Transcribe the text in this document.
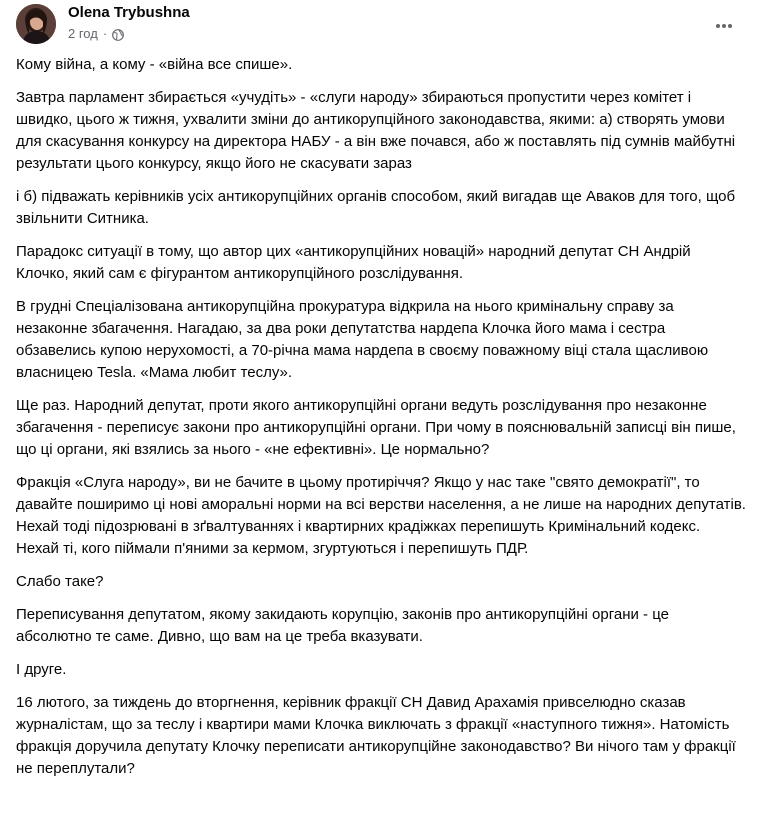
Olena Trybushna
2 год ·

Кому війна, а кому - «війна все спише».

Завтра парламент збирається «учудіть» - «слуги народу» збираються пропустити через комітет і швидко, цього ж тижня, ухвалити зміни до антикорупційного законодавства, якими: а) створять умови для скасування конкурсу на директора НАБУ - а він вже почався, або ж поставлять під сумнів майбутні результати цього конкурсу, якщо його не скасувати зараз

і б) підважать керівників усіх антикорупційних органів способом, який вигадав ще Аваков для того, щоб звільнити Ситника.

Парадокс ситуації в тому, що автор цих «антикорупційних новацій» народний депутат СН Андрій Клочко, який сам є фігурантом антикорупційного розслідування.

В грудні Спеціалізована антикорупційна прокуратура відкрила на нього кримінальну справу за незаконне збагачення. Нагадаю, за два роки депутатства нардепа Клочка його мама і сестра обзавелись купою нерухомості, а 70-річна мама нардепа в своєму поважному віці стала щасливою власницею Tesla. «Мама любит теслу».

Ще раз. Народний депутат, проти якого антикорупційні органи ведуть розслідування про незаконне збагачення - переписує закони про антикорупційні органи. При чому в пояснювальній записці він пише, що ці органи, які взялись за нього - «не ефективні». Це нормально?

Фракція «Слуга народу», ви не бачите в цьому протиріччя? Якщо у нас таке "свято демократії", то давайте поширимо ці нові аморальні норми на всі верстви населення, а не лише на народних депутатів. Нехай тоді підозрювані в зґвалтуваннях і квартирних крадіжках перепишуть Кримінальний кодекс. Нехай ті, кого піймали п'яними за кермом, згуртуються і перепишуть ПДР.

Слабо таке?

Переписування депутатом, якому закидають корупцію, законів про антикорупційні органи - це абсолютно те саме. Дивно, що вам на це треба вказувати.

І друге.

16 лютого, за тиждень до вторгнення, керівник фракції СН Давид Арахамія привселюдно сказав журналістам, що за теслу і квартири мами Клочка виключать з фракції «наступного тижня». Натомість фракція доручила депутату Клочку переписати антикорупційне законодавство? Ви нічого там у фракції не переплутали?
